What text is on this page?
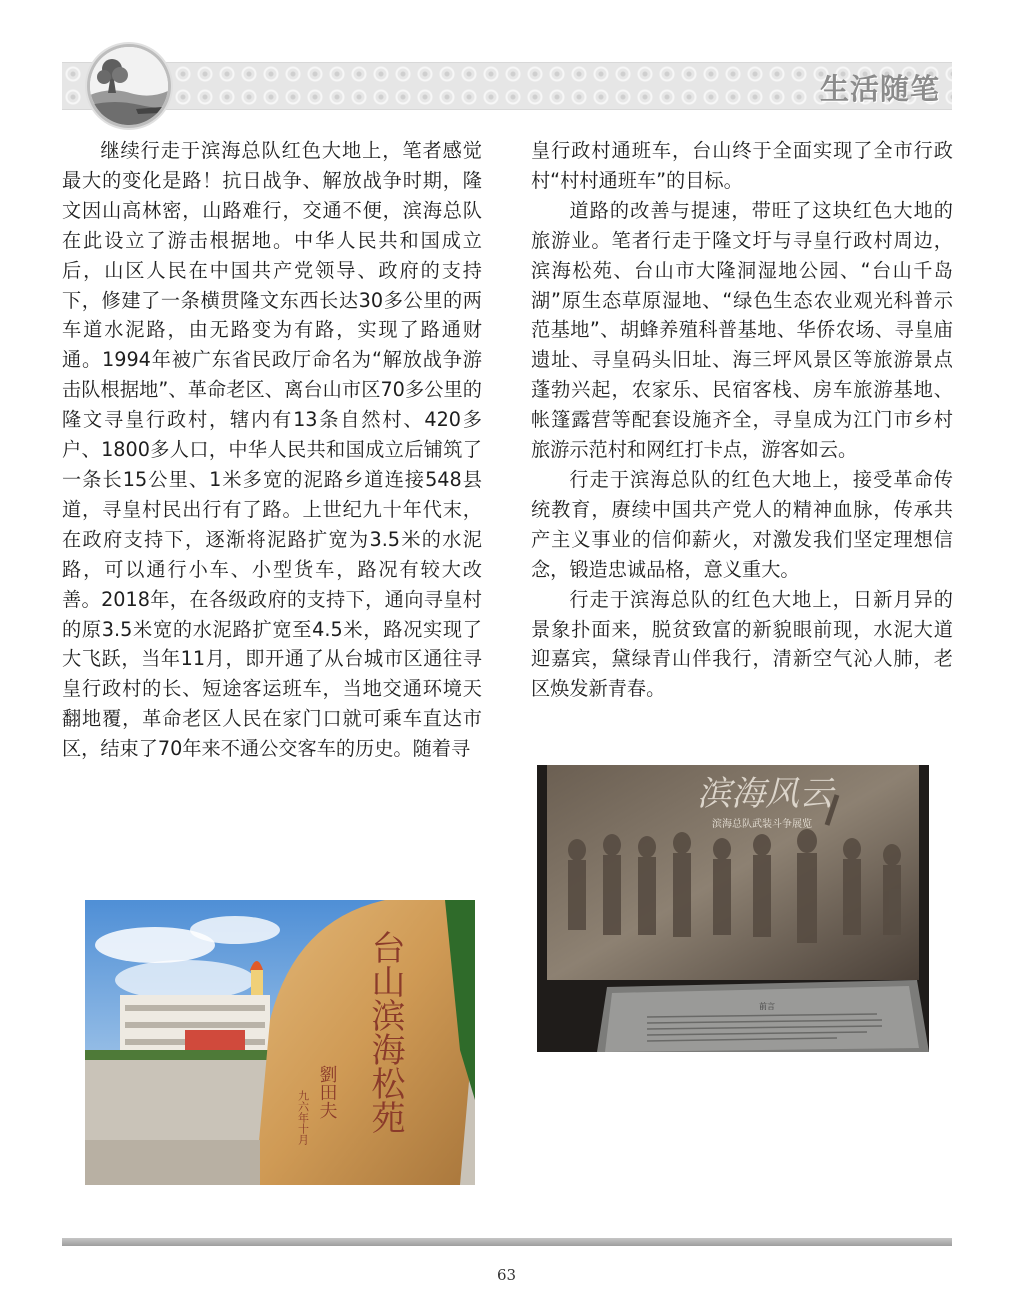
生活随笔

继续行走于滨海总队红色大地上，笔者感觉最大的变化是路！抗日战争、解放战争时期，隆文因山高林密，山路难行，交通不便，滨海总队在此设立了游击根据地。中华人民共和国成立后，山区人民在中国共产党领导、政府的支持下，修建了一条横贯隆文东西长达30多公里的两车道水泥路，由无路变为有路，实现了路通财通。1994年被广东省民政厅命名为“解放战争游击队根据地”、革命老区、离台山市区70多公里的隆文寻皇行政村，辖内有13条自然村、420多户、1800多人口，中华人民共和国成立后铺筑了一条长15公里、1米多宽的泥路乡道连接548县道，寻皇村民出行有了路。上世纪九十年代末，在政府支持下，逐渐将泥路扩宽为3.5米的水泥路，可以通行小车、小型货车，路况有较大改善。2018年，在各级政府的支持下，通向寻皇村的原3.5米宽的水泥路扩宽至4.5米，路况实现了大飞跃，当年11月，即开通了从台城市区通往寻皇行政村的长、短途客运班车，当地交通环境天翻地覆，革命老区人民在家门口就可乘车直达市区，结束了70年来不通公交客车的历史。随着寻

皇行政村通班车，台山终于全面实现了全市行政村“村村通班车”的目标。

道路的改善与提速，带旺了这块红色大地的旅游业。笔者行走于隆文圩与寻皇行政村周边，滨海松苑、台山市大隆洞湿地公园、“台山千岛湖”原生态草原湿地、“绿色生态农业观光科普示范基地”、胡蜂养殖科普基地、华侨农场、寻皇庙遗址、寻皇码头旧址、海三坪风景区等旅游景点蓬勃兴起，农家乐、民宿客栈、房车旅游基地、帐篷露营等配套设施齐全，寻皇成为江门市乡村旅游示范村和网红打卡点，游客如云。

行走于滨海总队的红色大地上，接受革命传统教育，赓续中国共产党人的精神血脉，传承共产主义事业的信仰薪火，对激发我们坚定理想信念，锻造忠诚品格，意义重大。

行走于滨海总队的红色大地上，日新月异的景象扑面来，脱贫致富的新貌眼前现，水泥大道迎嘉宾，黛绿青山伴我行，清新空气沁人肺，老区焕发新青春。

台山滨海松苑
劉田夫
九六年十月
滨海风云
滨海总队武装斗争展览
前言
63
